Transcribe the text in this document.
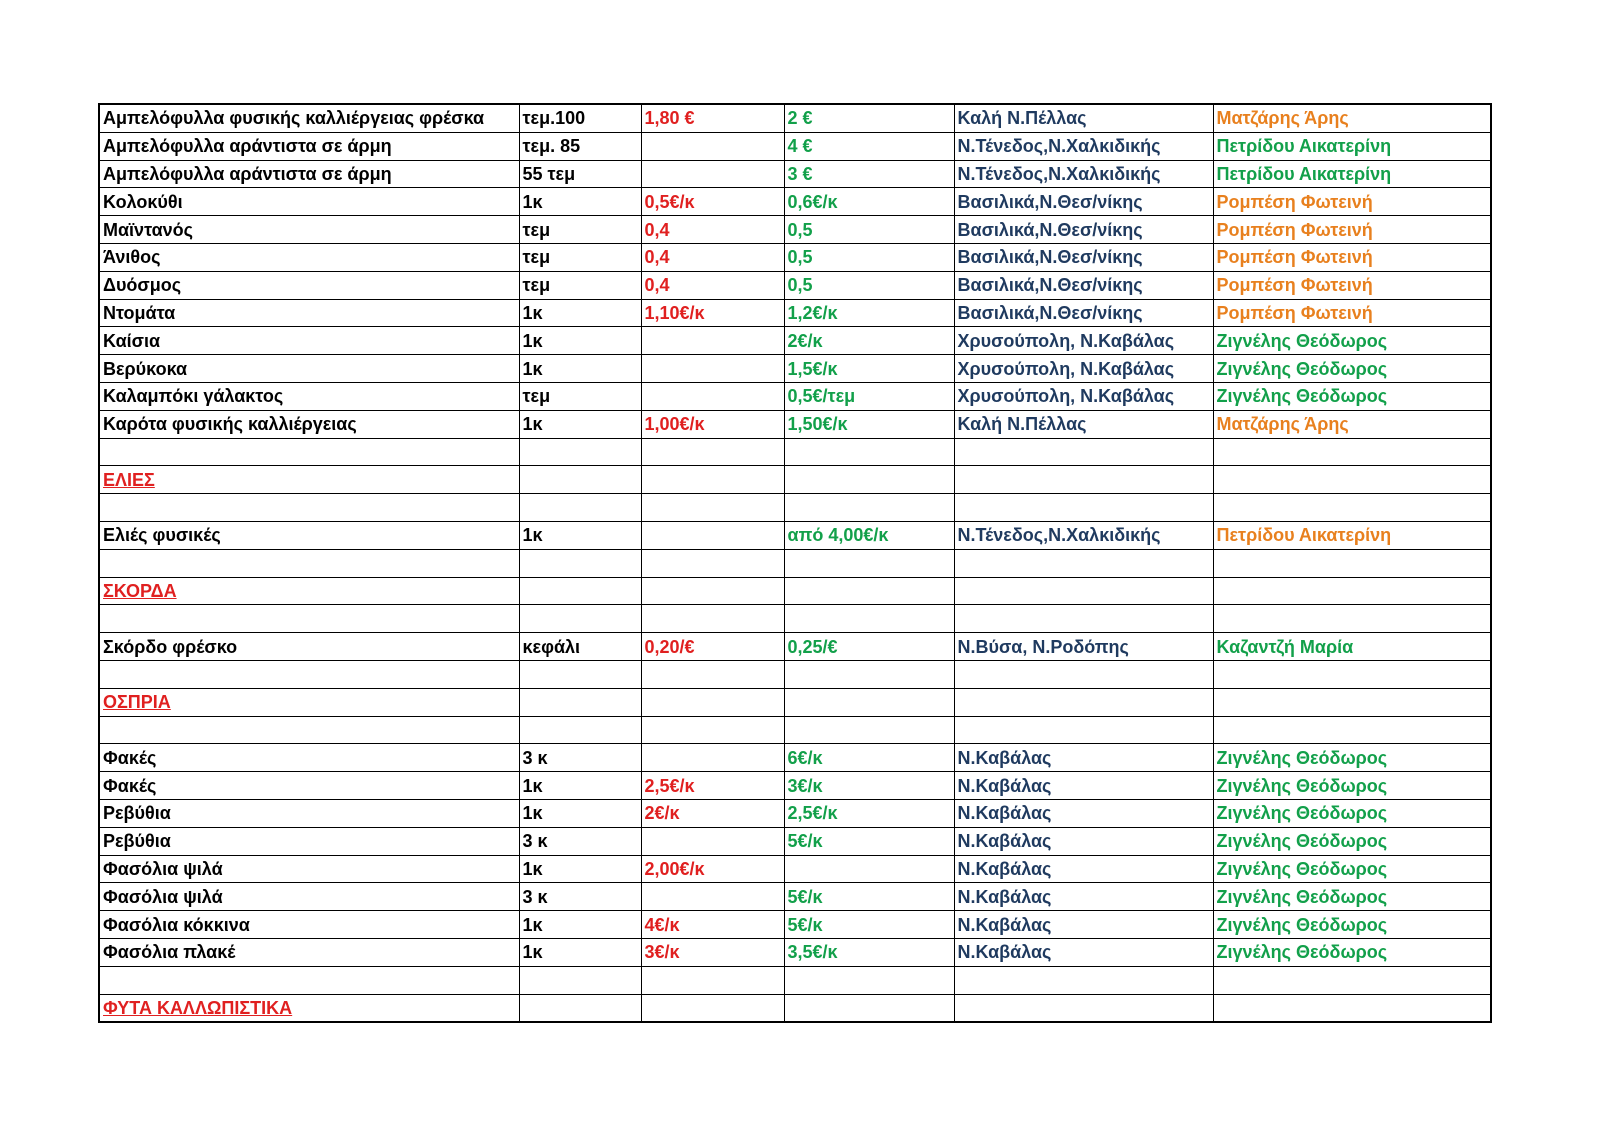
Αμπελόφυλλα φυσικής καλλιέργειας φρέσκα	τεμ.100	1,80 €	2 €	Καλή Ν.Πέλλας	Ματζάρης Άρης
Αμπελόφυλλα αράντιστα σε άρμη	τεμ. 85		4 €	Ν.Τένεδος,Ν.Χαλκιδικής	Πετρίδου Αικατερίνη
Αμπελόφυλλα αράντιστα σε άρμη	55 τεμ		3 €	Ν.Τένεδος,Ν.Χαλκιδικής	Πετρίδου Αικατερίνη
Κολοκύθι	1κ	0,5€/κ	0,6€/κ	Βασιλικά,Ν.Θεσ/νίκης	Ρομπέση Φωτεινή
Μαϊντανός	τεμ	0,4	0,5	Βασιλικά,Ν.Θεσ/νίκης	Ρομπέση Φωτεινή
Άνιθος	τεμ	0,4	0,5	Βασιλικά,Ν.Θεσ/νίκης	Ρομπέση Φωτεινή
Δυόσμος	τεμ	0,4	0,5	Βασιλικά,Ν.Θεσ/νίκης	Ρομπέση Φωτεινή
Ντομάτα	1κ	1,10€/κ	1,2€/κ	Βασιλικά,Ν.Θεσ/νίκης	Ρομπέση Φωτεινή
Καίσια	1κ		2€/κ	Χρυσούπολη, Ν.Καβάλας	Ζιγνέλης Θεόδωρος
Βερύκοκα	1κ		1,5€/κ	Χρυσούπολη, Ν.Καβάλας	Ζιγνέλης Θεόδωρος
Καλαμπόκι γάλακτος	τεμ		0,5€/τεμ	Χρυσούπολη, Ν.Καβάλας	Ζιγνέλης Θεόδωρος
Καρότα φυσικής καλλιέργειας	1κ	1,00€/κ	1,50€/κ	Καλή Ν.Πέλλας	Ματζάρης Άρης

ΕΛΙΕΣ					

Ελιές φυσικές	1κ		από 4,00€/κ	Ν.Τένεδος,Ν.Χαλκιδικής	Πετρίδου Αικατερίνη

ΣΚΟΡΔΑ					

Σκόρδο φρέσκο	κεφάλι	0,20/€	0,25/€	Ν.Βύσα, Ν.Ροδόπης	Καζαντζή Μαρία

ΟΣΠΡΙΑ					

Φακές	3 κ		6€/κ	Ν.Καβάλας	Ζιγνέλης Θεόδωρος
Φακές	1κ	2,5€/κ	3€/κ	Ν.Καβάλας	Ζιγνέλης Θεόδωρος
Ρεβύθια	1κ	2€/κ	2,5€/κ	Ν.Καβάλας	Ζιγνέλης Θεόδωρος
Ρεβύθια	3 κ		5€/κ	Ν.Καβάλας	Ζιγνέλης Θεόδωρος
Φασόλια ψιλά	1κ	2,00€/κ		Ν.Καβάλας	Ζιγνέλης Θεόδωρος
Φασόλια ψιλά	3 κ		5€/κ	Ν.Καβάλας	Ζιγνέλης Θεόδωρος
Φασόλια κόκκινα	1κ	4€/κ	5€/κ	Ν.Καβάλας	Ζιγνέλης Θεόδωρος
Φασόλια πλακέ	1κ	3€/κ	3,5€/κ	Ν.Καβάλας	Ζιγνέλης Θεόδωρος

ΦΥΤΑ ΚΑΛΛΩΠΙΣΤΙΚΑ					
